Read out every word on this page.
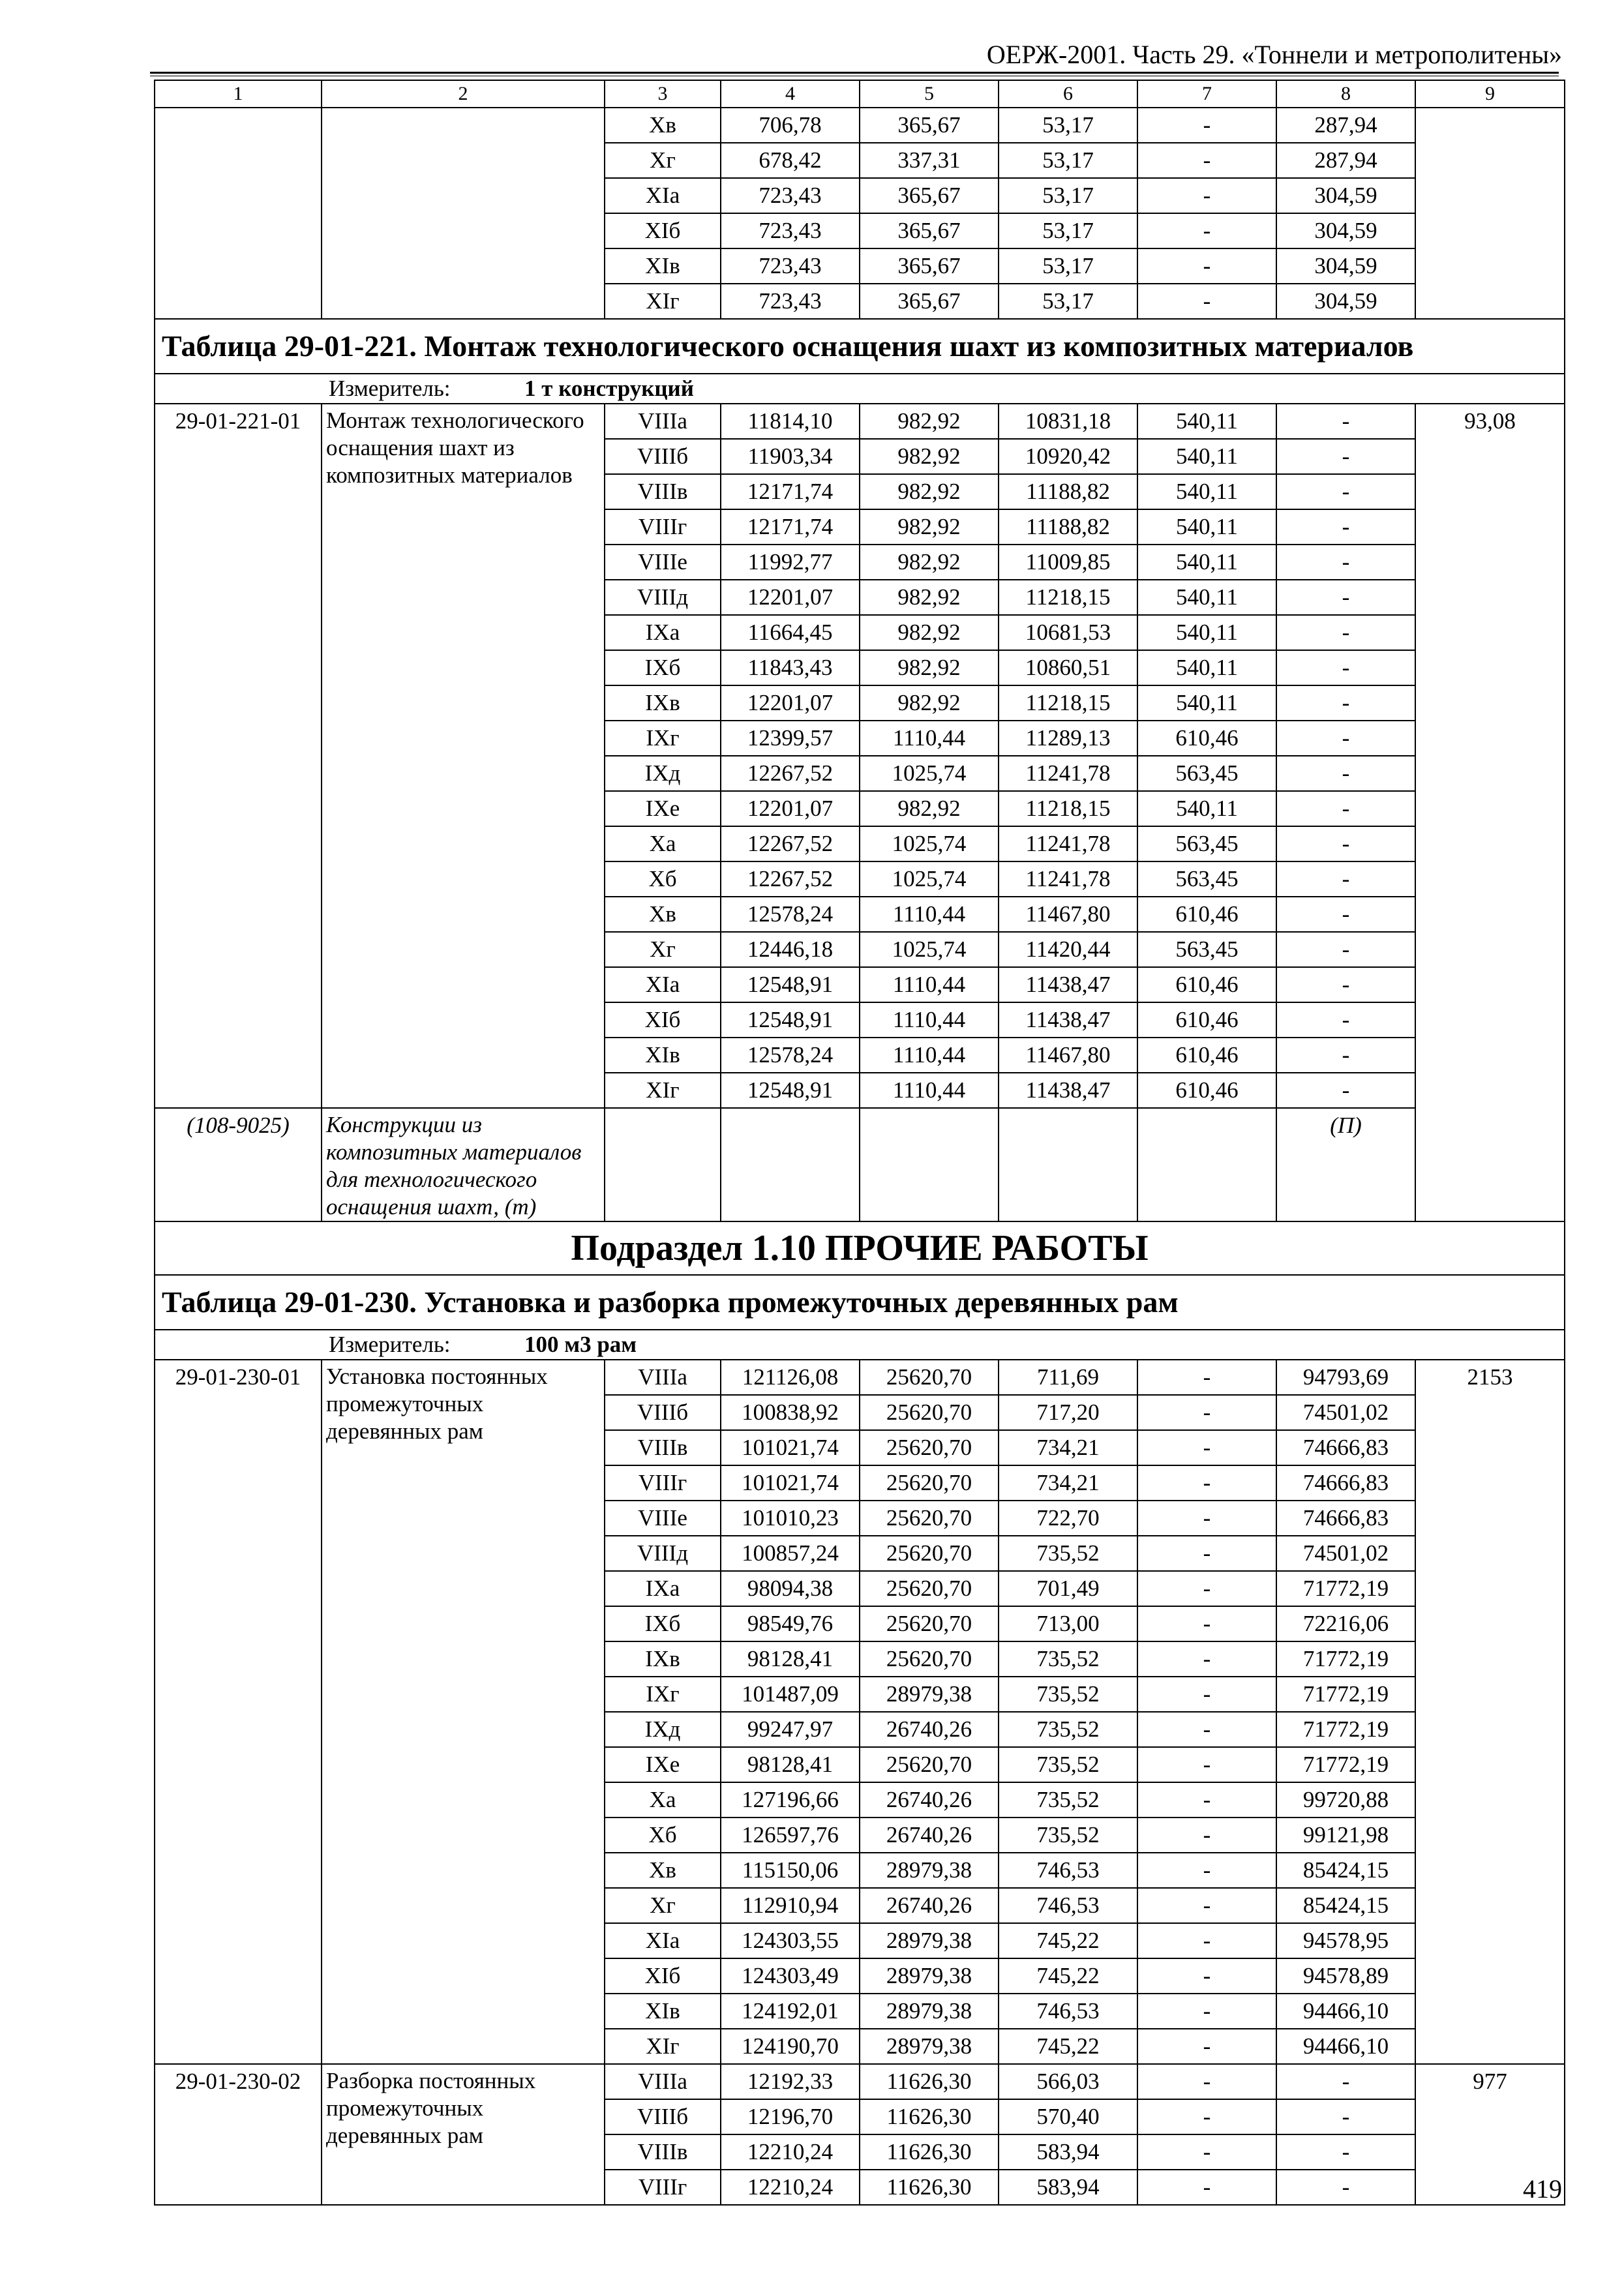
ОЕРЖ-2001. Часть 29. «Тоннели и метрополитены»
1	2	3	4	5	6	7	8	9
		Xв	706,78	365,67	53,17	-	287,94	
		Xг	678,42	337,31	53,17	-	287,94	
		XIа	723,43	365,67	53,17	-	304,59	
		XIб	723,43	365,67	53,17	-	304,59	
		XIв	723,43	365,67	53,17	-	304,59	
		XIг	723,43	365,67	53,17	-	304,59	
Таблица 29-01-221. Монтаж технологического оснащения шахт из композитных материалов								
Измеритель: 1 т конструкций								
29-01-221-01	Монтаж технологического оснащения шахт из композитных материалов	VIIIа	11814,10	982,92	10831,18	540,11	-	93,08
		VIIIб	11903,34	982,92	10920,42	540,11	-	
		VIIIв	12171,74	982,92	11188,82	540,11	-	
		VIIIг	12171,74	982,92	11188,82	540,11	-	
		VIIIе	11992,77	982,92	11009,85	540,11	-	
		VIIIд	12201,07	982,92	11218,15	540,11	-	
		IXа	11664,45	982,92	10681,53	540,11	-	
		IXб	11843,43	982,92	10860,51	540,11	-	
		IXв	12201,07	982,92	11218,15	540,11	-	
		IXг	12399,57	1110,44	11289,13	610,46	-	
		IXд	12267,52	1025,74	11241,78	563,45	-	
		IXе	12201,07	982,92	11218,15	540,11	-	
		Xа	12267,52	1025,74	11241,78	563,45	-	
		Xб	12267,52	1025,74	11241,78	563,45	-	
		Xв	12578,24	1110,44	11467,80	610,46	-	
		Xг	12446,18	1025,74	11420,44	563,45	-	
		XIа	12548,91	1110,44	11438,47	610,46	-	
		XIб	12548,91	1110,44	11438,47	610,46	-	
		XIв	12578,24	1110,44	11467,80	610,46	-	
		XIг	12548,91	1110,44	11438,47	610,46	-	
(108-9025)	Конструкции из композитных материалов для технологического оснащения шахт, (т)						(П)	
Подраздел 1.10 ПРОЧИЕ РАБОТЫ								
Таблица 29-01-230. Установка и разборка промежуточных деревянных рам								
Измеритель: 100 м3 рам								
29-01-230-01	Установка постоянных промежуточных деревянных рам	VIIIа	121126,08	25620,70	711,69	-	94793,69	2153
		VIIIб	100838,92	25620,70	717,20	-	74501,02	
		VIIIв	101021,74	25620,70	734,21	-	74666,83	
		VIIIг	101021,74	25620,70	734,21	-	74666,83	
		VIIIе	101010,23	25620,70	722,70	-	74666,83	
		VIIIд	100857,24	25620,70	735,52	-	74501,02	
		IXа	98094,38	25620,70	701,49	-	71772,19	
		IXб	98549,76	25620,70	713,00	-	72216,06	
		IXв	98128,41	25620,70	735,52	-	71772,19	
		IXг	101487,09	28979,38	735,52	-	71772,19	
		IXд	99247,97	26740,26	735,52	-	71772,19	
		IXе	98128,41	25620,70	735,52	-	71772,19	
		Xа	127196,66	26740,26	735,52	-	99720,88	
		Xб	126597,76	26740,26	735,52	-	99121,98	
		Xв	115150,06	28979,38	746,53	-	85424,15	
		Xг	112910,94	26740,26	746,53	-	85424,15	
		XIа	124303,55	28979,38	745,22	-	94578,95	
		XIб	124303,49	28979,38	745,22	-	94578,89	
		XIв	124192,01	28979,38	746,53	-	94466,10	
		XIг	124190,70	28979,38	745,22	-	94466,10	
29-01-230-02	Разборка постоянных промежуточных деревянных рам	VIIIа	12192,33	11626,30	566,03	-	-	977
		VIIIб	12196,70	11626,30	570,40	-	-	
		VIIIв	12210,24	11626,30	583,94	-	-	
		VIIIг	12210,24	11626,30	583,94	-	-		419
